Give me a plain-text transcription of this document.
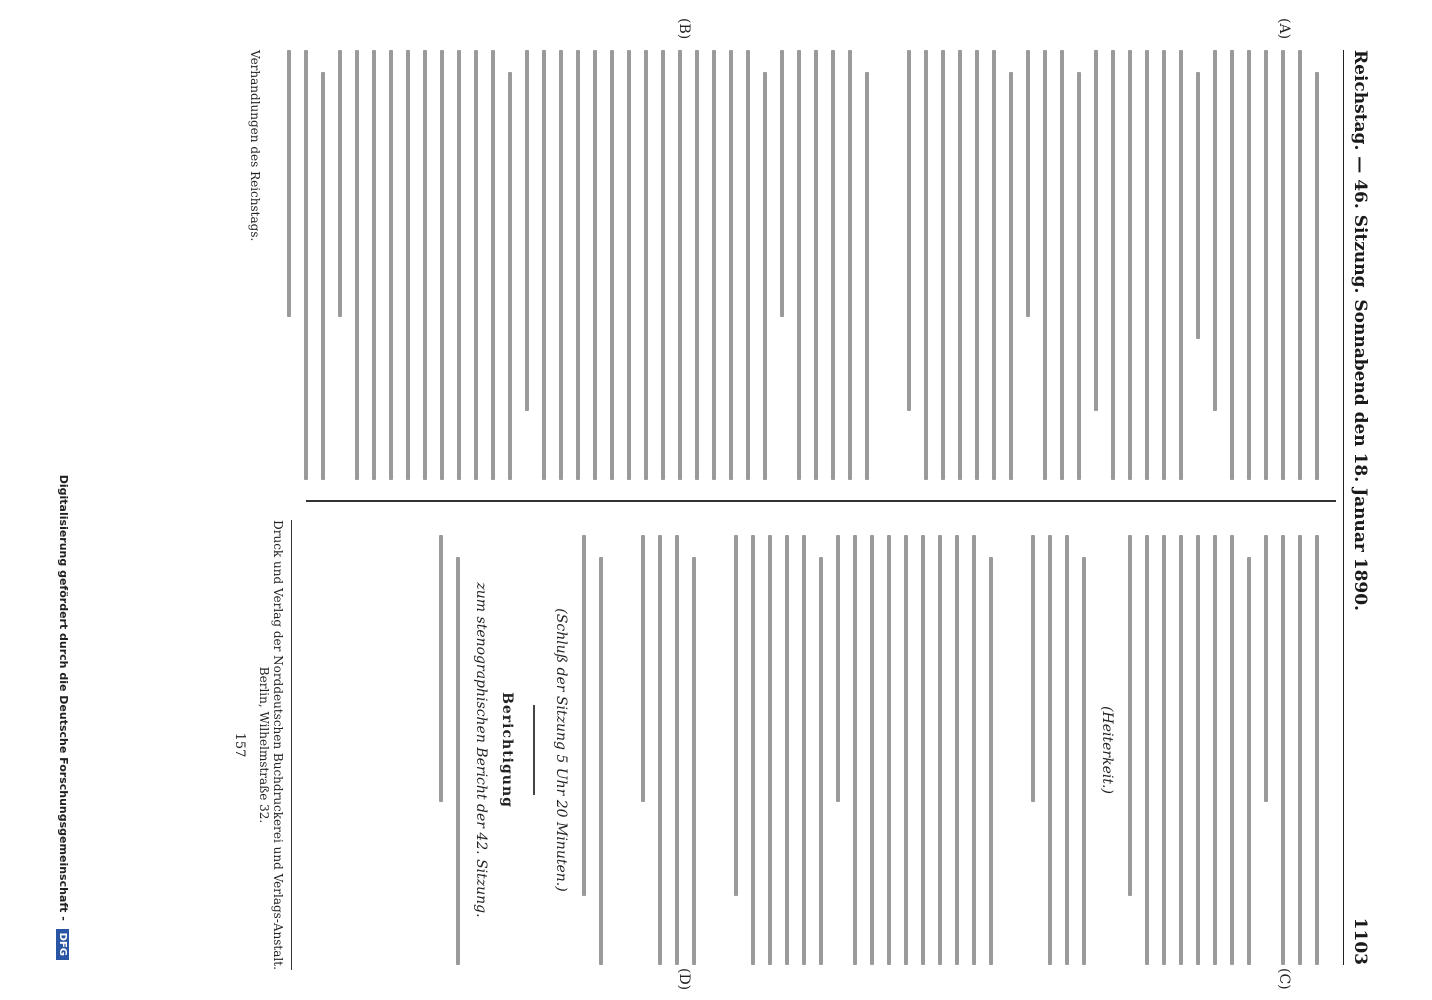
Reichstag. — 46. Sitzung. Sonnabend den 18. Januar 1890.
1103
(A)
(B)
(C)
(D)
(Heiterkeit.)
(Schluß der Sitzung 5 Uhr 20 Minuten.)
Berichtigung
zum stenographischen Bericht der 42. Sitzung.
Verhandlungen des Reichstags.
Druck und Verlag der Norddeutschen Buchdruckerei und Verlags-Anstalt. Berlin, Wilhelmstraße 32.
157
Digitalisierung gefördert durch die Deutsche Forschungsgemeinschaft - DFG
